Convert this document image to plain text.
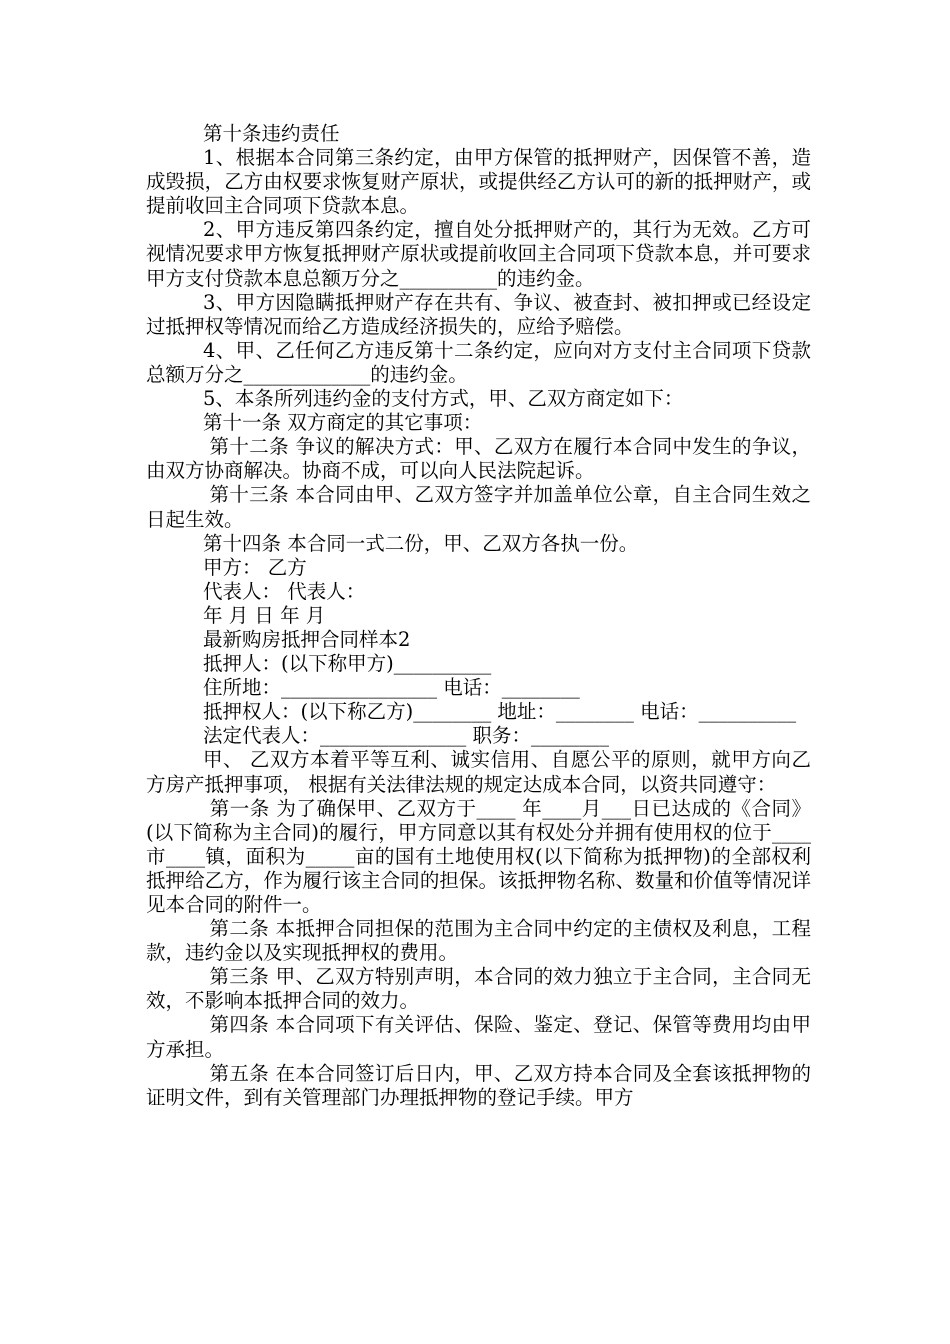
第十条违约责任

1、根据本合同第三条约定，由甲方保管的抵押财产，因保管不善，造成毁损，乙方由权要求恢复财产原状，或提供经乙方认可的新的抵押财产，或提前收回主合同项下贷款本息。

2、甲方违反第四条约定，擅自处分抵押财产的，其行为无效。乙方可视情况要求甲方恢复抵押财产原状或提前收回主合同项下贷款本息，并可要求甲方支付贷款本息总额万分之__________的违约金。

3、甲方因隐瞒抵押财产存在共有、争议、被查封、被扣押或已经设定过抵押权等情况而给乙方造成经济损失的，应给予赔偿。

4、甲、乙任何乙方违反第十二条约定，应向对方支付主合同项下贷款总额万分之_____________的违约金。

5、本条所列违约金的支付方式，甲、乙双方商定如下：

第十一条 双方商定的其它事项：

第十二条 争议的解决方式：甲、乙双方在履行本合同中发生的争议，由双方协商解决。协商不成，可以向人民法院起诉。

第十三条 本合同由甲、乙双方签字并加盖单位公章，自主合同生效之日起生效。

第十四条 本合同一式二份，甲、乙双方各执一份。

甲方： 乙方

代表人： 代表人：

年 月 日 年 月

最新购房抵押合同样本2

抵押人：(以下称甲方)__________

住所地：________________ 电话：________

抵押权人：(以下称乙方)________ 地址：________ 电话：__________

法定代表人：_______________ 职务：________

甲、 乙双方本着平等互利、诚实信用、自愿公平的原则，就甲方向乙方房产抵押事项， 根据有关法律法规的规定达成本合同，以资共同遵守：

第一条 为了确保甲、乙双方于____ 年____月___日已达成的《合同》(以下简称为主合同)的履行，甲方同意以其有权处分并拥有使用权的位于____市____镇，面积为_____亩的国有土地使用权(以下简称为抵押物)的全部权利抵押给乙方，作为履行该主合同的担保。该抵押物名称、数量和价值等情况详见本合同的附件一。

第二条 本抵押合同担保的范围为主合同中约定的主债权及利息，工程款，违约金以及实现抵押权的费用。

第三条 甲、乙双方特别声明，本合同的效力独立于主合同，主合同无效，不影响本抵押合同的效力。

第四条 本合同项下有关评估、保险、鉴定、登记、保管等费用均由甲方承担。

第五条 在本合同签订后日内，甲、乙双方持本合同及全套该抵押物的证明文件，到有关管理部门办理抵押物的登记手续。甲方
